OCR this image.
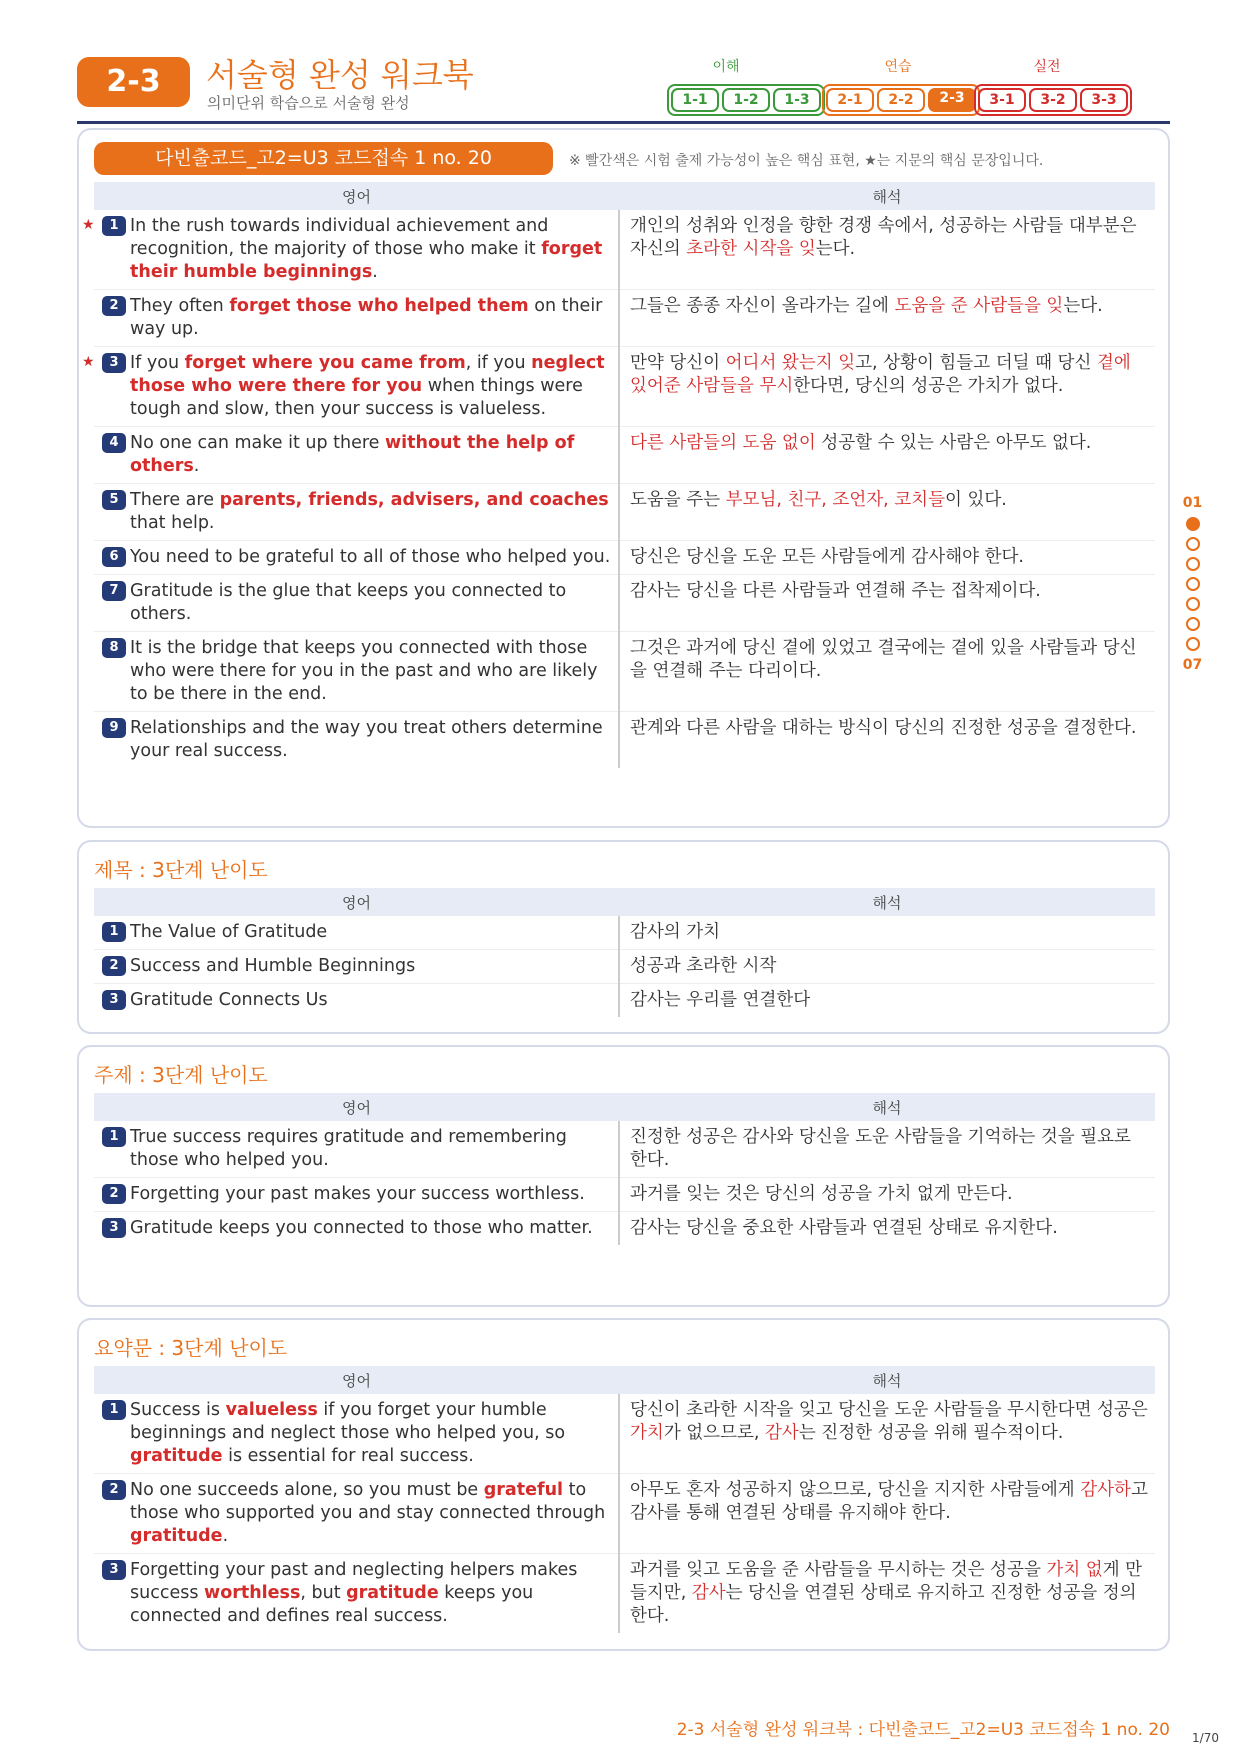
2-3	서술형 완성 워크북
의미단위 학습으로 서술형 완성
이해	연습	실전
1-1	1-2	1-3	2-1	2-2	2-3	3-1	3-2	3-3
다빈출코드_고2=U3 코드접속 1 no. 20	※ 빨간색은 시험 출제 가능성이 높은 핵심 표현, ★는 지문의 핵심 문장입니다.
영어	해석

★ 1 In the rush towards individual achievement and recognition, the majority of those who make it forget their humble beginnings.	개인의 성취와 인정을 향한 경쟁 속에서, 성공하는 사람들 대부분은 자신의 초라한 시작을 잊는다.

2 They often forget those who helped them on their way up.	그들은 종종 자신이 올라가는 길에 도움을 준 사람들을 잊는다.

★ 3 If you forget where you came from, if you neglect those who were there for you when things were tough and slow, then your success is valueless.	만약 당신이 어디서 왔는지 잊고, 상황이 힘들고 더딜 때 당신 곁에 있어준 사람들을 무시한다면, 당신의 성공은 가치가 없다.

4 No one can make it up there without the help of others.	다른 사람들의 도움 없이 성공할 수 있는 사람은 아무도 없다.

5 There are parents, friends, advisers, and coaches that help.	도움을 주는 부모님, 친구, 조언자, 코치들이 있다.

6 You need to be grateful to all of those who helped you.	당신은 당신을 도운 모든 사람들에게 감사해야 한다.

7 Gratitude is the glue that keeps you connected to others.	감사는 당신을 다른 사람들과 연결해 주는 접착제이다.

8 It is the bridge that keeps you connected with those who were there for you in the past and who are likely to be there in the end.	그것은 과거에 당신 곁에 있었고 결국에는 곁에 있을 사람들과 당신을 연결해 주는 다리이다.

9 Relationships and the way you treat others determine your real success.	관계와 다른 사람을 대하는 방식이 당신의 진정한 성공을 결정한다.
제목 : 3단계 난이도
영어	해석

1 The Value of Gratitude	감사의 가치

2 Success and Humble Beginnings	성공과 초라한 시작

3 Gratitude Connects Us	감사는 우리를 연결한다
주제 : 3단계 난이도
영어	해석

1 True success requires gratitude and remembering those who helped you.	진정한 성공은 감사와 당신을 도운 사람들을 기억하는 것을 필요로 한다.

2 Forgetting your past makes your success worthless.	과거를 잊는 것은 당신의 성공을 가치 없게 만든다.

3 Gratitude keeps you connected to those who matter.	감사는 당신을 중요한 사람들과 연결된 상태로 유지한다.
요약문 : 3단계 난이도
영어	해석

1 Success is valueless if you forget your humble beginnings and neglect those who helped you, so gratitude is essential for real success.	당신이 초라한 시작을 잊고 당신을 도운 사람들을 무시한다면 성공은 가치가 없으므로, 감사는 진정한 성공을 위해 필수적이다.

2 No one succeeds alone, so you must be grateful to those who supported you and stay connected through gratitude.	아무도 혼자 성공하지 않으므로, 당신을 지지한 사람들에게 감사하고 감사를 통해 연결된 상태를 유지해야 한다.

3 Forgetting your past and neglecting helpers makes success worthless, but gratitude keeps you connected and defines real success.	과거를 잊고 도움을 준 사람들을 무시하는 것은 성공을 가치 없게 만들지만, 감사는 당신을 연결된 상태로 유지하고 진정한 성공을 정의한다.
01
07
2-3 서술형 완성 워크북 : 다빈출코드_고2=U3 코드접속 1 no. 20 1/70
